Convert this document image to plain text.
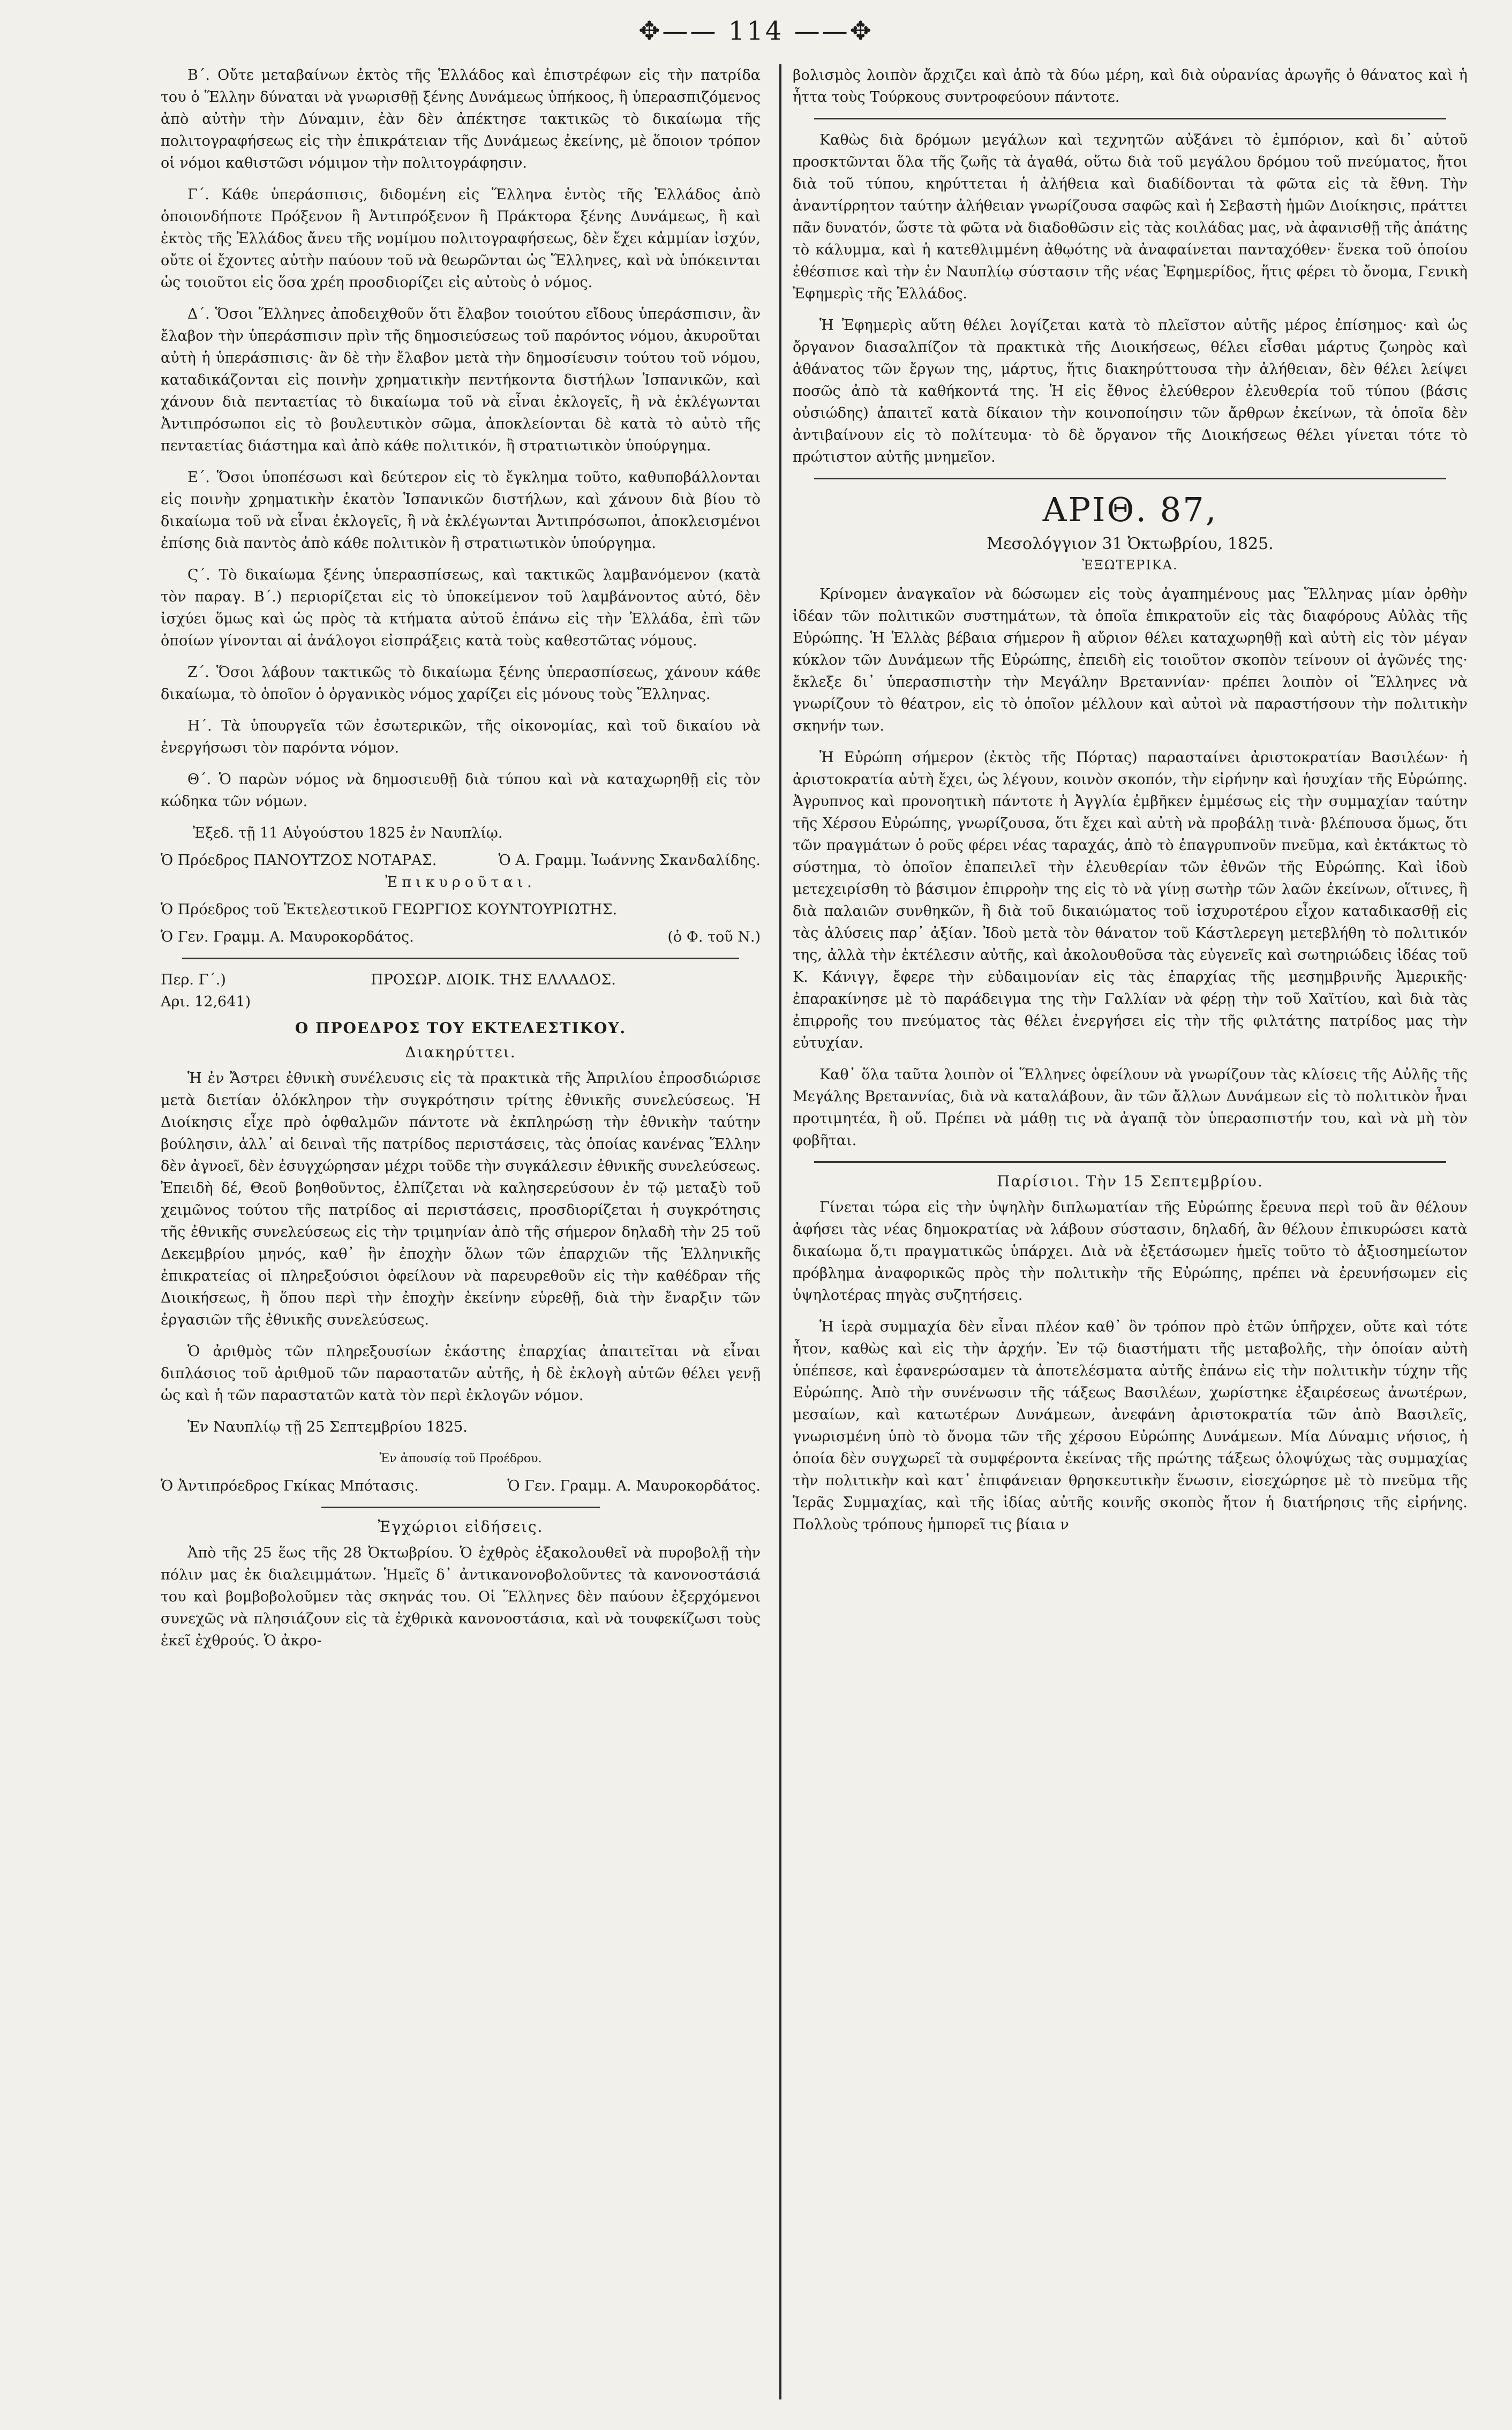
✥—— 114 ——✥

Β΄. Οὔτε μεταβαίνων ἐκτὸς τῆς Ἑλλάδος καὶ ἐπιστρέφων εἰς τὴν πατρίδα του ὁ Ἕλλην δύναται νὰ γνωρισθῇ ξένης Δυνάμεως ὑπήκοος, ἢ ὑπερασπιζόμενος ἀπὸ αὐτὴν τὴν Δύναμιν, ἐὰν δὲν ἀπέκτησε τακτικῶς τὸ δικαίωμα τῆς πολιτογραφήσεως εἰς τὴν ἐπικράτειαν τῆς Δυνάμεως ἐκείνης, μὲ ὅποιον τρόπον οἱ νόμοι καθιστῶσι νόμιμον τὴν πολιτογράφησιν.

Γ΄. Κάθε ὑπεράσπισις, διδομένη εἰς Ἕλληνα ἐντὸς τῆς Ἑλλάδος ἀπὸ ὁποιονδήποτε Πρόξενον ἢ Ἀντιπρόξενον ἢ Πράκτορα ξένης Δυνάμεως, ἢ καὶ ἐκτὸς τῆς Ἑλλάδος ἄνευ τῆς νομίμου πολιτογραφήσεως, δὲν ἔχει κἀμμίαν ἰσχύν, οὔτε οἱ ἔχοντες αὐτὴν παύουν τοῦ νὰ θεωρῶνται ὡς Ἕλληνες, καὶ νὰ ὑπόκεινται ὡς τοιοῦτοι εἰς ὅσα χρέη προσδιορίζει εἰς αὐτοὺς ὁ νόμος.

Δ΄. Ὅσοι Ἕλληνες ἀποδειχθοῦν ὅτι ἔλαβον τοιούτου εἴδους ὑπεράσπισιν, ἂν ἔλαβον τὴν ὑπεράσπισιν πρὶν τῆς δημοσιεύσεως τοῦ παρόντος νόμου, ἀκυροῦται αὐτὴ ἡ ὑπεράσπισις· ἂν δὲ τὴν ἔλαβον μετὰ τὴν δημοσίευσιν τούτου τοῦ νόμου, καταδικάζονται εἰς ποινὴν χρηματικὴν πεντήκοντα διστήλων Ἱσπανικῶν, καὶ χάνουν διὰ πενταετίας τὸ δικαίωμα τοῦ νὰ εἶναι ἐκλογεῖς, ἢ νὰ ἐκλέγωνται Ἀντιπρόσωποι εἰς τὸ βουλευτικὸν σῶμα, ἀποκλείονται δὲ κατὰ τὸ αὐτὸ τῆς πενταετίας διάστημα καὶ ἀπὸ κάθε πολιτικόν, ἢ στρατιωτικὸν ὑπούργημα.

Ε΄. Ὅσοι ὑποπέσωσι καὶ δεύτερον εἰς τὸ ἔγκλημα τοῦτο, καθυποβάλλονται εἰς ποινὴν χρηματικὴν ἑκατὸν Ἱσπανικῶν διστήλων, καὶ χάνουν διὰ βίου τὸ δικαίωμα τοῦ νὰ εἶναι ἐκλογεῖς, ἢ νὰ ἐκλέγωνται Ἀντιπρόσωποι, ἀποκλεισμένοι ἐπίσης διὰ παντὸς ἀπὸ κάθε πολιτικὸν ἢ στρατιωτικὸν ὑπούργημα.

Ϛ΄. Τὸ δικαίωμα ξένης ὑπερασπίσεως, καὶ τακτικῶς λαμβανόμενον (κατὰ τὸν παραγ. Β΄.) περιορίζεται εἰς τὸ ὑποκείμενον τοῦ λαμβάνοντος αὐτό, δὲν ἰσχύει ὅμως καὶ ὡς πρὸς τὰ κτήματα αὐτοῦ ἐπάνω εἰς τὴν Ἑλλάδα, ἐπὶ τῶν ὁποίων γίνονται αἱ ἀνάλογοι εἰσπράξεις κατὰ τοὺς καθεστῶτας νόμους.

Ζ΄. Ὅσοι λάβουν τακτικῶς τὸ δικαίωμα ξένης ὑπερασπίσεως, χάνουν κάθε δικαίωμα, τὸ ὁποῖον ὁ ὀργανικὸς νόμος χαρίζει εἰς μόνους τοὺς Ἕλληνας.

Η΄. Τὰ ὑπουργεῖα τῶν ἐσωτερικῶν, τῆς οἰκονομίας, καὶ τοῦ δικαίου νὰ ἐνεργήσωσι τὸν παρόντα νόμον.

Θ΄. Ὁ παρὼν νόμος νὰ δημοσιευθῇ διὰ τύπου καὶ νὰ καταχωρηθῇ εἰς τὸν κώδηκα τῶν νόμων.

Ἐξεδ. τῇ 11 Αὐγούστου 1825 ἐν Ναυπλίῳ.

Ὁ Πρόεδρος ΠΑΝΟΥΤΖΟΣ ΝΟΤΑΡΑΣ.	Ὁ Α. Γραμμ. Ἰωάννης Σκανδαλίδης.

Ἐπικυροῦται.

Ὁ Πρόεδρος τοῦ Ἐκτελεστικοῦ ΓΕΩΡΓΙΟΣ ΚΟΥΝΤΟΥΡΙΩΤΗΣ.

Ὁ Γεν. Γραμμ. Α. Μαυροκορδάτος.	(ὁ Φ. τοῦ Ν.)
Περ. Γ΄.)	ΠΡΟΣΩΡ. ΔΙΟΙΚ. ΤΗΣ ΕΛΛΑΔΟΣ.

Αρι. 12,641)

Ο ΠΡΟΕΔΡΟΣ ΤΟΥ ΕΚΤΕΛΕΣΤΙΚΟΥ.

Διακηρύττει.

Ἡ ἐν Ἄστρει ἐθνικὴ συνέλευσις εἰς τὰ πρακτικὰ τῆς Ἀπριλίου ἐπροσδιώρισε μετὰ διετίαν ὁλόκληρον τὴν συγκρότησιν τρίτης ἐθνικῆς συνελεύσεως. Ἡ Διοίκησις εἶχε πρὸ ὀφθαλμῶν πάντοτε νὰ ἐκπληρώσῃ τὴν ἐθνικὴν ταύτην βούλησιν, ἀλλ᾽ αἱ δειναὶ τῆς πατρίδος περιστάσεις, τὰς ὁποίας κανένας Ἕλλην δὲν ἀγνοεῖ, δὲν ἐσυγχώρησαν μέχρι τοῦδε τὴν συγκάλεσιν ἐθνικῆς συνελεύσεως. Ἐπειδὴ δέ, Θεοῦ βοηθοῦντος, ἐλπίζεται νὰ καλησερεύσουν ἐν τῷ μεταξὺ τοῦ χειμῶνος τούτου τῆς πατρίδος αἱ περιστάσεις, προσδιορίζεται ἡ συγκρότησις τῆς ἐθνικῆς συνελεύσεως εἰς τὴν τριμηνίαν ἀπὸ τῆς σήμερον δηλαδὴ τὴν 25 τοῦ Δεκεμβρίου μηνός, καθ᾽ ἣν ἐποχὴν ὅλων τῶν ἐπαρχιῶν τῆς Ἑλληνικῆς ἐπικρατείας οἱ πληρεξούσιοι ὀφείλουν νὰ παρευρεθοῦν εἰς τὴν καθέδραν τῆς Διοικήσεως, ἢ ὅπου περὶ τὴν ἐποχὴν ἐκείνην εὑρεθῇ, διὰ τὴν ἔναρξιν τῶν ἐργασιῶν τῆς ἐθνικῆς συνελεύσεως.

Ὁ ἀριθμὸς τῶν πληρεξουσίων ἑκάστης ἐπαρχίας ἀπαιτεῖται νὰ εἶναι διπλάσιος τοῦ ἀριθμοῦ τῶν παραστατῶν αὐτῆς, ἡ δὲ ἐκλογὴ αὐτῶν θέλει γενῇ ὡς καὶ ἡ τῶν παραστατῶν κατὰ τὸν περὶ ἐκλογῶν νόμον.

Ἐν Ναυπλίῳ τῇ 25 Σεπτεμβρίου 1825.

Ἐν ἀπουσίᾳ τοῦ Προέδρου.

Ὁ Ἀντιπρόεδρος Γκίκας Μπότασις.	Ὁ Γεν. Γραμμ. Α. Μαυροκορδάτος.

Ἐγχώριοι εἰδήσεις.

Ἀπὸ τῆς 25 ἕως τῆς 28 Ὀκτωβρίου. Ὁ ἐχθρὸς ἐξακολουθεῖ νὰ πυροβολῇ τὴν πόλιν μας ἐκ διαλειμμάτων. Ἡμεῖς δ᾽ ἀντικανονοβολοῦντες τὰ κανονοστάσιά του καὶ βομβοβολοῦμεν τὰς σκηνάς του. Οἱ Ἕλληνες δὲν παύουν ἐξερχόμενοι συνεχῶς νὰ πλησιάζουν εἰς τὰ ἐχθρικὰ κανονοστάσια, καὶ νὰ τουφεκίζωσι τοὺς ἐκεῖ ἐχθρούς. Ὁ ἀκρο-

βολισμὸς λοιπὸν ἄρχιζει καὶ ἀπὸ τὰ δύω μέρη, καὶ διὰ οὐρανίας ἀρωγῆς ὁ θάνατος καὶ ἡ ἧττα τοὺς Τούρκους συντροφεύουν πάντοτε.

Καθὼς διὰ δρόμων μεγάλων καὶ τεχνητῶν αὐξάνει τὸ ἐμπόριον, καὶ δι᾽ αὐτοῦ προσκτῶνται ὅλα τῆς ζωῆς τὰ ἀγαθά, οὕτω διὰ τοῦ μεγάλου δρόμου τοῦ πνεύματος, ἤτοι διὰ τοῦ τύπου, κηρύττεται ἡ ἀλήθεια καὶ διαδίδονται τὰ φῶτα εἰς τὰ ἔθνη. Τὴν ἀναντίρρητον ταύτην ἀλήθειαν γνωρίζουσα σαφῶς καὶ ἡ Σεβαστὴ ἡμῶν Διοίκησις, πράττει πᾶν δυνατόν, ὥστε τὰ φῶτα νὰ διαδοθῶσιν εἰς τὰς κοιλάδας μας, νὰ ἀφανισθῇ τῆς ἀπάτης τὸ κάλυμμα, καὶ ἡ κατεθλιμμένη ἀθῳότης νὰ ἀναφαίνεται πανταχόθεν· ἕνεκα τοῦ ὁποίου ἐθέσπισε καὶ τὴν ἐν Ναυπλίῳ σύστασιν τῆς νέας Ἐφημερίδος, ἥτις φέρει τὸ ὄνομα, Γενικὴ Ἐφημερὶς τῆς Ἑλλάδος.

Ἡ Ἐφημερὶς αὕτη θέλει λογίζεται κατὰ τὸ πλεῖστον αὐτῆς μέρος ἐπίσημος· καὶ ὡς ὄργανον διασαλπίζον τὰ πρακτικὰ τῆς Διοικήσεως, θέλει εἶσθαι μάρτυς ζωηρὸς καὶ ἀθάνατος τῶν ἔργων της, μάρτυς, ἥτις διακηρύττουσα τὴν ἀλήθειαν, δὲν θέλει λείψει ποσῶς ἀπὸ τὰ καθήκοντά της. Ἡ εἰς ἔθνος ἐλεύθερον ἐλευθερία τοῦ τύπου (βάσις οὐσιώδης) ἀπαιτεῖ κατὰ δίκαιον τὴν κοινοποίησιν τῶν ἄρθρων ἐκείνων, τὰ ὁποῖα δὲν ἀντιβαίνουν εἰς τὸ πολίτευμα· τὸ δὲ ὄργανον τῆς Διοικήσεως θέλει γίνεται τότε τὸ πρώτιστον αὐτῆς μνημεῖον.

ΑΡΙΘ. 87,

Μεσολόγγιον 31 Ὀκτωβρίου, 1825.

ἘΞΩΤΕΡΙΚΑ.

Κρίνομεν ἀναγκαῖον νὰ δώσωμεν εἰς τοὺς ἀγαπημένους μας Ἕλληνας μίαν ὀρθὴν ἰδέαν τῶν πολιτικῶν συστημάτων, τὰ ὁποῖα ἐπικρατοῦν εἰς τὰς διαφόρους Αὐλὰς τῆς Εὐρώπης. Ἡ Ἑλλὰς βέβαια σήμερον ἢ αὔριον θέλει καταχωρηθῇ καὶ αὐτὴ εἰς τὸν μέγαν κύκλον τῶν Δυνάμεων τῆς Εὐρώπης, ἐπειδὴ εἰς τοιοῦτον σκοπὸν τείνουν οἱ ἀγῶνές της· ἔκλεξε δι᾽ ὑπερασπιστὴν τὴν Μεγάλην Βρεταννίαν· πρέπει λοιπὸν οἱ Ἕλληνες νὰ γνωρίζουν τὸ θέατρον, εἰς τὸ ὁποῖον μέλλουν καὶ αὐτοὶ νὰ παραστήσουν τὴν πολιτικὴν σκηνήν των.

Ἡ Εὐρώπη σήμερον (ἐκτὸς τῆς Πόρτας) παρασταίνει ἀριστοκρατίαν Βασιλέων· ἡ ἀριστοκρατία αὐτὴ ἔχει, ὡς λέγουν, κοινὸν σκοπόν, τὴν εἰρήνην καὶ ἡσυχίαν τῆς Εὐρώπης. Ἀγρυπνος καὶ προνοητικὴ πάντοτε ἡ Ἀγγλία ἐμβῆκεν ἐμμέσως εἰς τὴν συμμαχίαν ταύτην τῆς Χέρσου Εὐρώπης, γνωρίζουσα, ὅτι ἔχει καὶ αὐτὴ νὰ προβάλῃ τινὰ· βλέπουσα ὅμως, ὅτι τῶν πραγμάτων ὁ ροῦς φέρει νέας ταραχάς, ἀπὸ τὸ ἐπαγρυπνοῦν πνεῦμα, καὶ ἐκτάκτως τὸ σύστημα, τὸ ὁποῖον ἐπαπειλεῖ τὴν ἐλευθερίαν τῶν ἐθνῶν τῆς Εὐρώπης. Καὶ ἰδοὺ μετεχειρίσθη τὸ βάσιμον ἐπιρροὴν της εἰς τὸ νὰ γίνῃ σωτὴρ τῶν λαῶν ἐκείνων, οἵτινες, ἢ διὰ παλαιῶν συνθηκῶν, ἢ διὰ τοῦ δικαιώματος τοῦ ἰσχυροτέρου εἶχον καταδικασθῇ εἰς τὰς ἁλύσεις παρ᾽ ἀξίαν. Ἰδοὺ μετὰ τὸν θάνατον τοῦ Κάστλερεγη μετεβλήθη τὸ πολιτικόν της, ἀλλὰ τὴν ἐκτέλεσιν αὐτῆς, καὶ ἀκολουθοῦσα τὰς εὐγενεῖς καὶ σωτηριώδεις ἰδέας τοῦ Κ. Κάνιγγ, ἔφερε τὴν εὐδαιμονίαν εἰς τὰς ἐπαρχίας τῆς μεσημβρινῆς Ἀμερικῆς· ἐπαρακίνησε μὲ τὸ παράδειγμα της τὴν Γαλλίαν νὰ φέρῃ τὴν τοῦ Χαϊτίου, καὶ διὰ τὰς ἐπιρροῆς του πνεύματος τὰς θέλει ἐνεργήσει εἰς τὴν τῆς φιλτάτης πατρίδος μας τὴν εὐτυχίαν.

Καθ᾽ ὅλα ταῦτα λοιπὸν οἱ Ἕλληνες ὀφείλουν νὰ γνωρίζουν τὰς κλίσεις τῆς Αὐλῆς τῆς Μεγάλης Βρεταννίας, διὰ νὰ καταλάβουν, ἂν τῶν ἄλλων Δυνάμεων εἰς τὸ πολιτικὸν ἦναι προτιμητέα, ἢ οὔ. Πρέπει νὰ μάθῃ τις νὰ ἀγαπᾷ τὸν ὑπερασπιστήν του, καὶ νὰ μὴ τὸν φοβῆται.

Παρίσιοι. Τὴν 15 Σεπτεμβρίου.

Γίνεται τώρα εἰς τὴν ὑψηλὴν διπλωματίαν τῆς Εὐρώπης ἔρευνα περὶ τοῦ ἂν θέλουν ἀφήσει τὰς νέας δημοκρατίας νὰ λάβουν σύστασιν, δηλαδή, ἂν θέλουν ἐπικυρώσει κατὰ δικαίωμα ὅ,τι πραγματικῶς ὑπάρχει. Διὰ νὰ ἐξετάσωμεν ἡμεῖς τοῦτο τὸ ἀξιοσημείωτον πρόβλημα ἀναφορικῶς πρὸς τὴν πολιτικὴν τῆς Εὐρώπης, πρέπει νὰ ἐρευνήσωμεν εἰς ὑψηλοτέρας πηγὰς συζητήσεις.

Ἡ ἱερὰ συμμαχία δὲν εἶναι πλέον καθ᾽ ὃν τρόπον πρὸ ἐτῶν ὑπῆρχεν, οὔτε καὶ τότε ἦτον, καθὼς καὶ εἰς τὴν ἀρχήν. Ἐν τῷ διαστήματι τῆς μεταβολῆς, τὴν ὁποίαν αὐτὴ ὑπέπεσε, καὶ ἐφανερώσαμεν τὰ ἀποτελέσματα αὐτῆς ἐπάνω εἰς τὴν πολιτικὴν τύχην τῆς Εὐρώπης. Ἀπὸ τὴν συνένωσιν τῆς τάξεως Βασιλέων, χωρίστηκε ἐξαιρέσεως ἀνωτέρων, μεσαίων, καὶ κατωτέρων Δυνάμεων, ἀνεφάνη ἀριστοκρατία τῶν ἀπὸ Βασιλεῖς, γνωρισμένη ὑπὸ τὸ ὄνομα τῶν τῆς χέρσου Εὐρώπης Δυνάμεων. Μία Δύναμις νήσιος, ἡ ὁποία δὲν συγχωρεῖ τὰ συμφέροντα ἐκείνας τῆς πρώτης τάξεως ὁλοψύχως τὰς συμμαχίας τὴν πολιτικὴν καὶ κατ᾽ ἐπιφάνειαν θρησκευτικὴν ἕνωσιν, εἰσεχώρησε μὲ τὸ πνεῦμα τῆς Ἱερᾶς Συμμαχίας, καὶ τῆς ἰδίας αὐτῆς κοινῆς σκοπὸς ἤτον ἡ διατήρησις τῆς εἰρήνης. Πολλοὺς τρόπους ἡμπορεῖ τις βίαια ν
